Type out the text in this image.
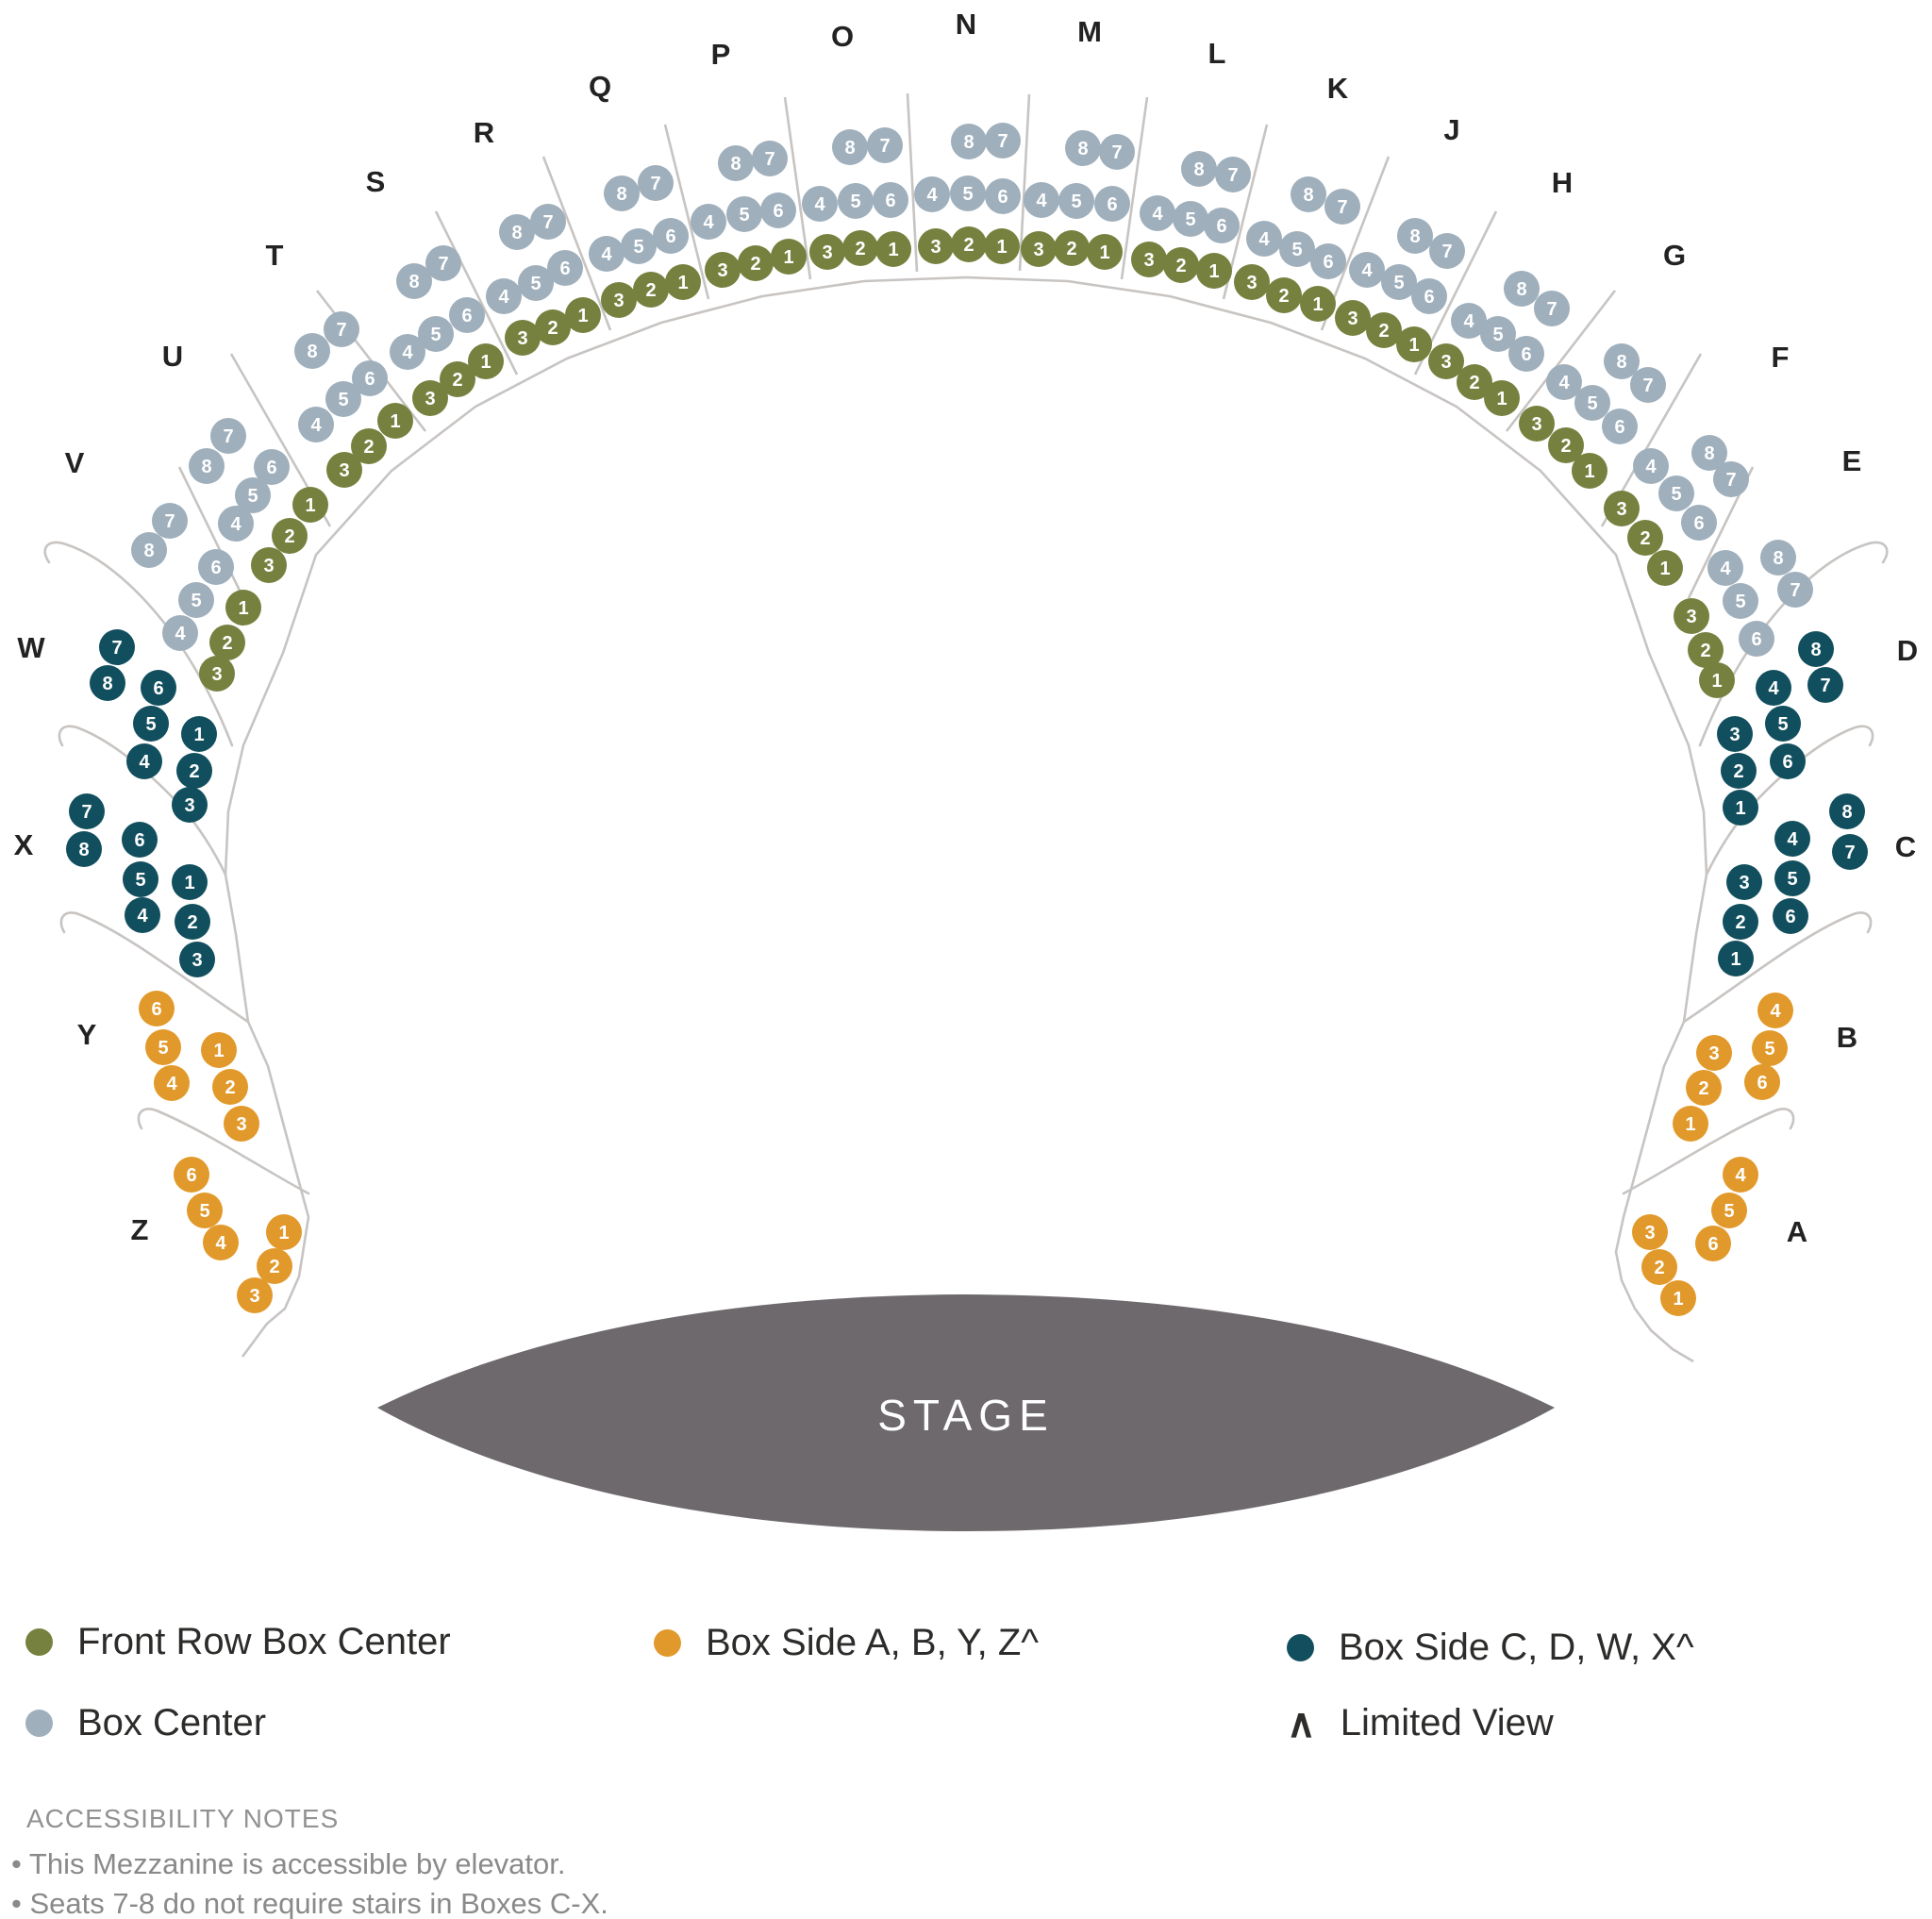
STAGE
N
1
2
3
4 5 6
7
8
O
1
2
3
4 5 6
7
8
P
1
2
3
4 5 6
7
8
Q
1
2
3
4 5 6
7
8
R
1
2
3
4
5
6
7
8
S
1
2
3
4
5
6
7
8
T
1
2
3
4
5
6
7
8
U
1
2
3
4
5
6
7
8
V
1
2
3
4
5
6
7
8
W
1
2
3
4
5
6
7
8
X
1
2
3
4
5
6
7
8
Y
1
2
3
4
5
6
Z	1
2
3
4
5
6
M
1
2
3
4 5 6
7
8
L
1
2
3
4 5 6
7
8
K
1
2
3
4 5
6
7
8
J
1
2
3
4
5
6
7
8
H
1
2
3
4
5
6
7
8
G
1
2
3
4
5
6
7
8	F
1
2
3
4
5
6
7
8	E
1
2
3
4
5
6
7
8
D
1
2
3
4
5
6
7
8
C
1
2
3
4
5
6
7
8
B
1
2
3
4
5
6
A
1
2
3
4
5
6
Front Row Box Center	Box Side A, B, Y, Z^	Box Side C, D, W, X^
Box Center	∧ Limited View
ACCESSIBILITY NOTES
• This Mezzanine is accessible by elevator.
• Seats 7-8 do not require stairs in Boxes C-X.
